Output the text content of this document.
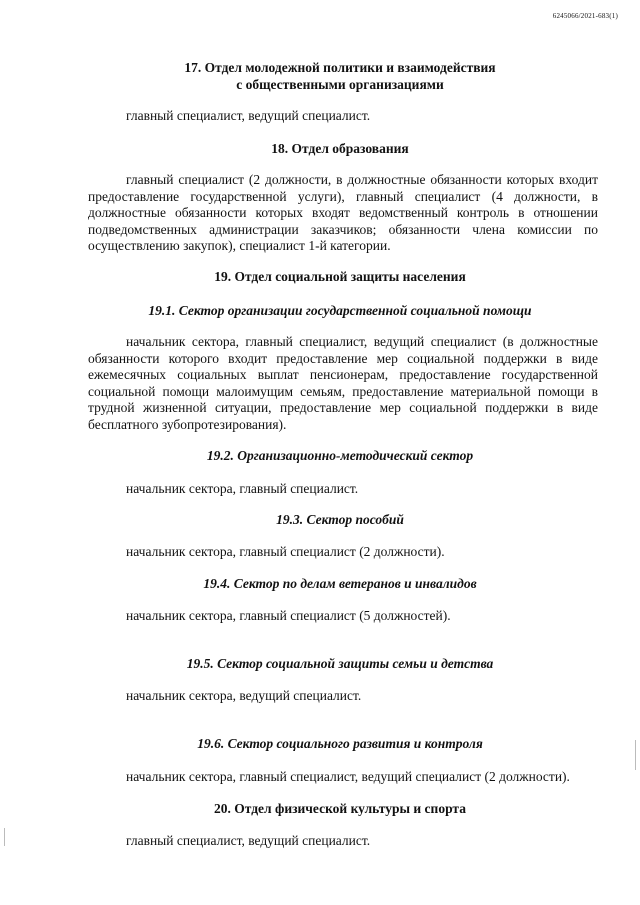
6245066/2021-683(1)
17. Отдел молодежной политики и взаимодействия
с общественными организациями
главный специалист, ведущий специалист.
18. Отдел образования
главный специалист (2 должности, в должностные обязанности которых входит предоставление государственной услуги), главный специалист (4 должности, в должностные обязанности которых входят ведомственный контроль в отношении подведомственных администрации заказчиков; обязанности члена комиссии по осуществлению закупок), специалист 1-й категории.
19. Отдел социальной защиты населения
19.1. Сектор организации государственной социальной помощи
начальник сектора, главный специалист, ведущий специалист (в должностные обязанности которого входит предоставление мер социальной поддержки в виде ежемесячных социальных выплат пенсионерам, предоставление государственной социальной помощи малоимущим семьям, предоставление материальной помощи в трудной жизненной ситуации, предоставление мер социальной поддержки в виде бесплатного зубопротезирования).
19.2. Организационно-методический сектор
начальник сектора, главный специалист.
19.3. Сектор пособий
начальник сектора, главный специалист (2 должности).
19.4. Сектор по делам ветеранов и инвалидов
начальник сектора, главный специалист (5 должностей).
19.5. Сектор социальной защиты семьи и детства
начальник сектора, ведущий специалист.
19.6. Сектор социального развития и контроля
начальник сектора, главный специалист, ведущий специалист (2 должности).
20. Отдел физической культуры и спорта
главный специалист, ведущий специалист.
